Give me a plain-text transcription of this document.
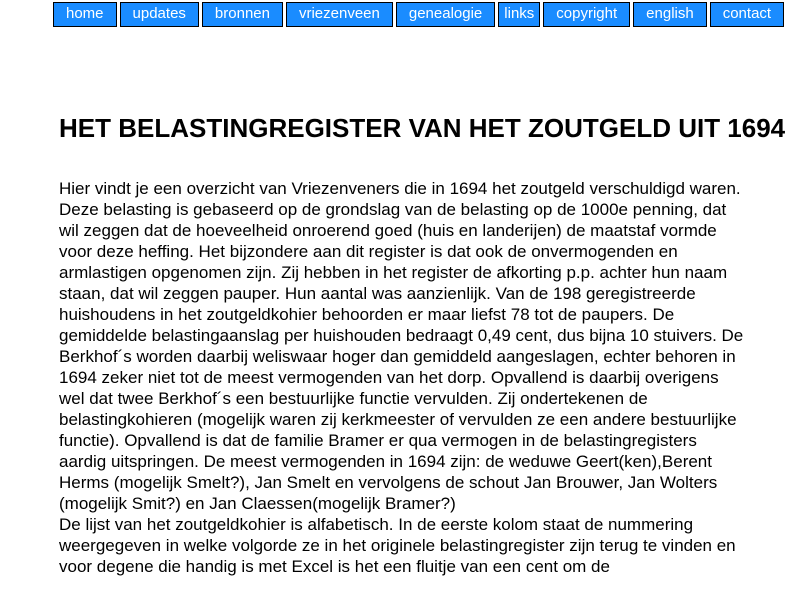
home	updates	bronnen	vriezenveen	genealogie	links	copyright	english	contact
HET BELASTINGREGISTER VAN HET ZOUTGELD UIT 1694

Hier vindt je een overzicht van Vriezenveners die in 1694 het zoutgeld verschuldigd waren. Deze belasting is gebaseerd op de grondslag van de belasting op de 1000e penning, dat wil zeggen dat de hoeveelheid onroerend goed (huis en landerijen) de maatstaf vormde voor deze heffing. Het bijzondere aan dit register is dat ook de onvermogenden en armlastigen opgenomen zijn. Zij hebben in het register de afkorting p.p. achter hun naam staan, dat wil zeggen pauper. Hun aantal was aanzienlijk. Van de 198 geregistreerde huishoudens in het zoutgeldkohier behoorden er maar liefst 78 tot de paupers. De gemiddelde belastingaanslag per huishouden bedraagt 0,49 cent, dus bijna 10 stuivers. De Berkhof´s worden daarbij weliswaar hoger dan gemiddeld aangeslagen, echter behoren in 1694 zeker niet tot de meest vermogenden van het dorp. Opvallend is daarbij overigens wel dat twee Berkhof´s een bestuurlijke functie vervulden. Zij ondertekenen de belastingkohieren (mogelijk waren zij kerkmeester of vervulden ze een andere bestuurlijke functie). Opvallend is dat de familie Bramer er qua vermogen in de belastingregisters aardig uitspringen. De meest vermogenden in 1694 zijn: de weduwe Geert(ken),Berent Herms (mogelijk Smelt?), Jan Smelt en vervolgens de schout Jan Brouwer, Jan Wolters (mogelijk Smit?) en Jan Claessen(mogelijk Bramer?)

De lijst van het zoutgeldkohier is alfabetisch. In de eerste kolom staat de nummering weergegeven in welke volgorde ze in het originele belastingregister zijn terug te vinden en voor degene die handig is met Excel is het een fluitje van een cent om de
